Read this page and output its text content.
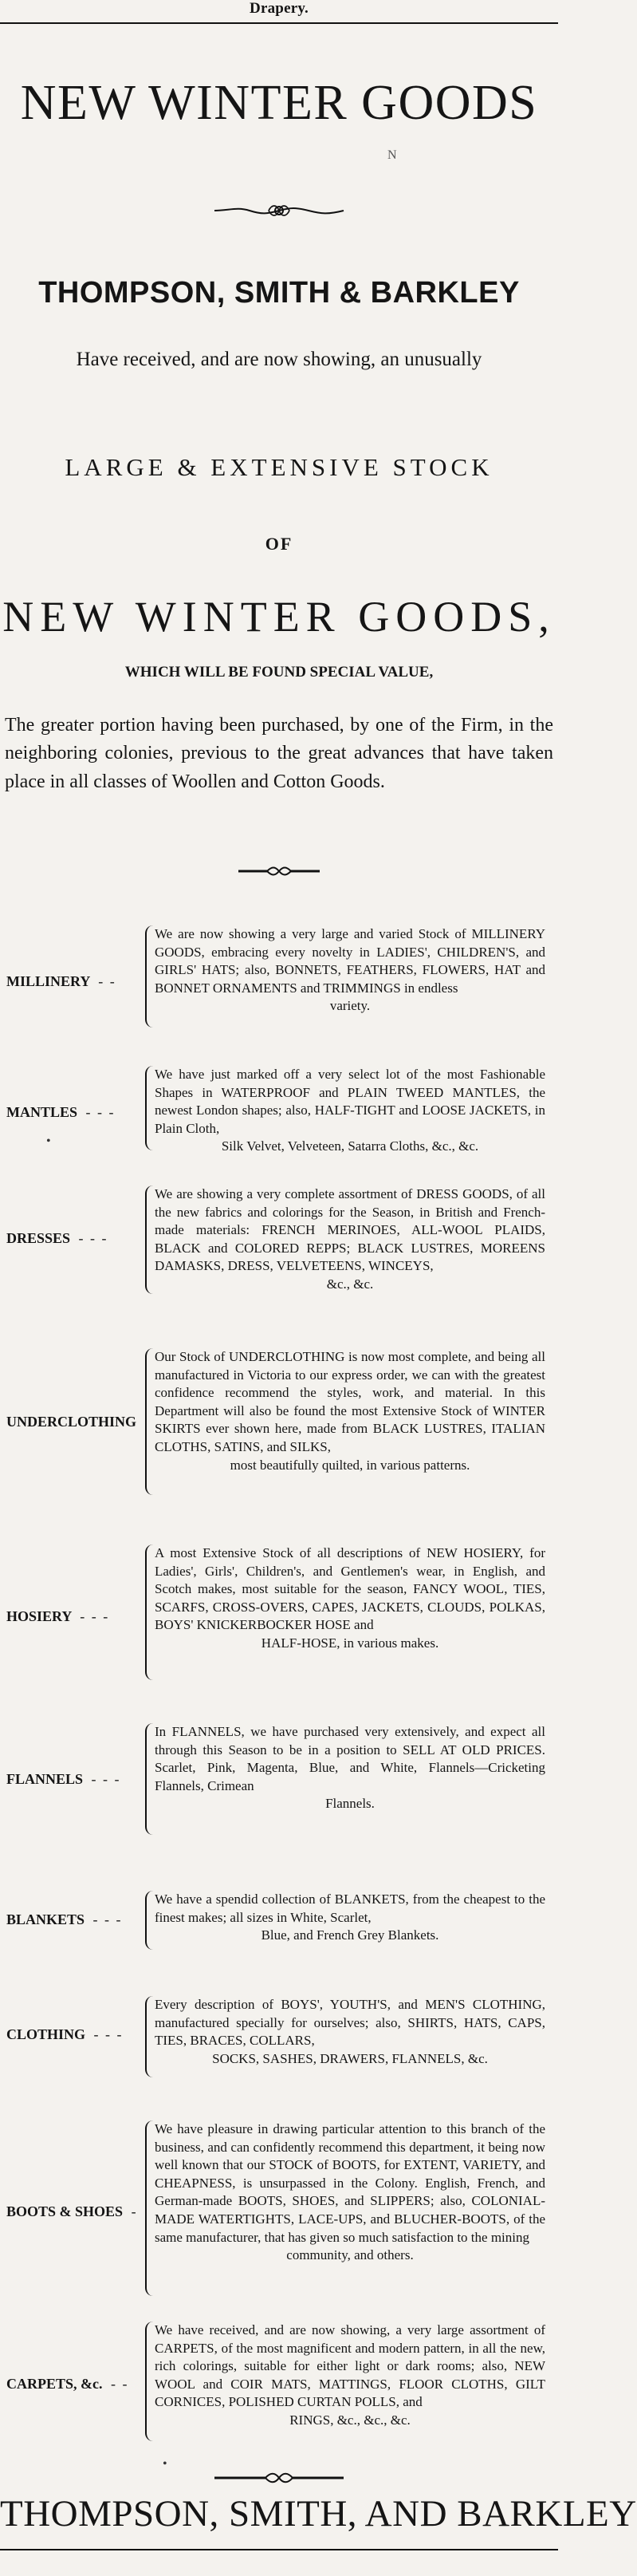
Drapery.
NEW WINTER GOODS
N
THOMPSON, SMITH & BARKLEY
Have received, and are now showing, an unusually
LARGE & EXTENSIVE STOCK
OF
NEW WINTER GOODS,
WHICH WILL BE FOUND SPECIAL VALUE,
The greater portion having been purchased, by one of the Firm, in the neighboring colonies, previous to the great advances that have taken place in all classes of Woollen and Cotton Goods.
MILLINERY - -
We are now showing a very large and varied Stock of MILLINERY GOODS, embracing every novelty in LADIES', CHILDREN'S, and GIRLS' HATS; also, BONNETS, FEATHERS, FLOWERS, HAT and BONNET ORNAMENTS and TRIMMINGS in endless
variety.
MANTLES - - -
•
We have just marked off a very select lot of the most Fashionable Shapes in WATERPROOF and PLAIN TWEED MANTLES, the newest London shapes; also, HALF-TIGHT and LOOSE JACKETS, in Plain Cloth,
Silk Velvet, Velveteen, Satarra Cloths, &c., &c.
DRESSES - - -
We are showing a very complete assortment of DRESS GOODS, of all the new fabrics and colorings for the Season, in British and French-made materials: FRENCH MERINOES, ALL-WOOL PLAIDS, BLACK and COLORED REPPS; BLACK LUSTRES, MOREENS DAMASKS, DRESS, VELVETEENS, WINCEYS,
&c., &c.
UNDERCLOTHING
Our Stock of UNDERCLOTHING is now most complete, and being all manufactured in Victoria to our express order, we can with the greatest confidence recommend the styles, work, and material. In this Department will also be found the most Extensive Stock of WINTER SKIRTS ever shown here, made from BLACK LUSTRES, ITALIAN CLOTHS, SATINS, and SILKS,
most beautifully quilted, in various patterns.
HOSIERY - - -
A most Extensive Stock of all descriptions of NEW HOSIERY, for Ladies', Girls', Children's, and Gentlemen's wear, in English, and Scotch makes, most suitable for the season, FANCY WOOL, TIES, SCARFS, CROSS-OVERS, CAPES, JACKETS, CLOUDS, POLKAS, BOYS' KNICKERBOCKER HOSE and
HALF-HOSE, in various makes.
FLANNELS - - -
In FLANNELS, we have purchased very extensively, and expect all through this Season to be in a position to SELL AT OLD PRICES. Scarlet, Pink, Magenta, Blue, and White, Flannels—Cricketing Flannels, Crimean
Flannels.
BLANKETS - - -
We have a spendid collection of BLANKETS, from the cheapest to the finest makes; all sizes in White, Scarlet,
Blue, and French Grey Blankets.
CLOTHING - - -
Every description of BOYS', YOUTH'S, and MEN'S CLOTHING, manufactured specially for ourselves; also, SHIRTS, HATS, CAPS, TIES, BRACES, COLLARS,
SOCKS, SASHES, DRAWERS, FLANNELS, &c.
BOOTS & SHOES -
We have pleasure in drawing particular attention to this branch of the business, and can confidently recommend this department, it being now well known that our STOCK of BOOTS, for EXTENT, VARIETY, and CHEAPNESS, is unsurpassed in the Colony. English, French, and German-made BOOTS, SHOES, and SLIPPERS; also, COLONIAL-MADE WATERTIGHTS, LACE-UPS, and BLUCHER-BOOTS, of the same manufacturer, that has given so much satisfaction to the mining
community, and others.
CARPETS, &c. - -
We have received, and are now showing, a very large assortment of CARPETS, of the most magnificent and modern pattern, in all the new, rich colorings, suitable for either light or dark rooms; also, NEW WOOL and COIR MATS, MATTINGS, FLOOR CLOTHS, GILT CORNICES, POLISHED CURTAN POLLS, and
RINGS, &c., &c., &c.
•
THOMPSON, SMITH, AND BARKLEY
